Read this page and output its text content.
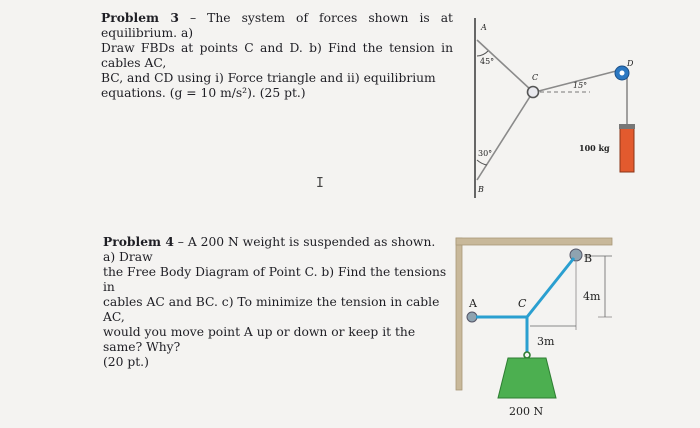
Problem 3 – The system of forces shown is at equilibrium. a)
Draw FBDs at points C and D. b) Find the tension in cables AC,
BC, and CD using i) Force triangle and ii) equilibrium
equations. (g = 10 m/s²). (25 pt.)

Problem 4 – A 200 N weight is suspended as shown. a) Draw
the Free Body Diagram of Point C. b) Find the tensions in
cables AC and BC. c) To minimize the tension in cable AC,
would you move point A up or down or keep it the same? Why?
(20 pt.)

I
A
B
C
D
45°
30°
15°
100 kg
A
B
C
3m
4m
200 N
